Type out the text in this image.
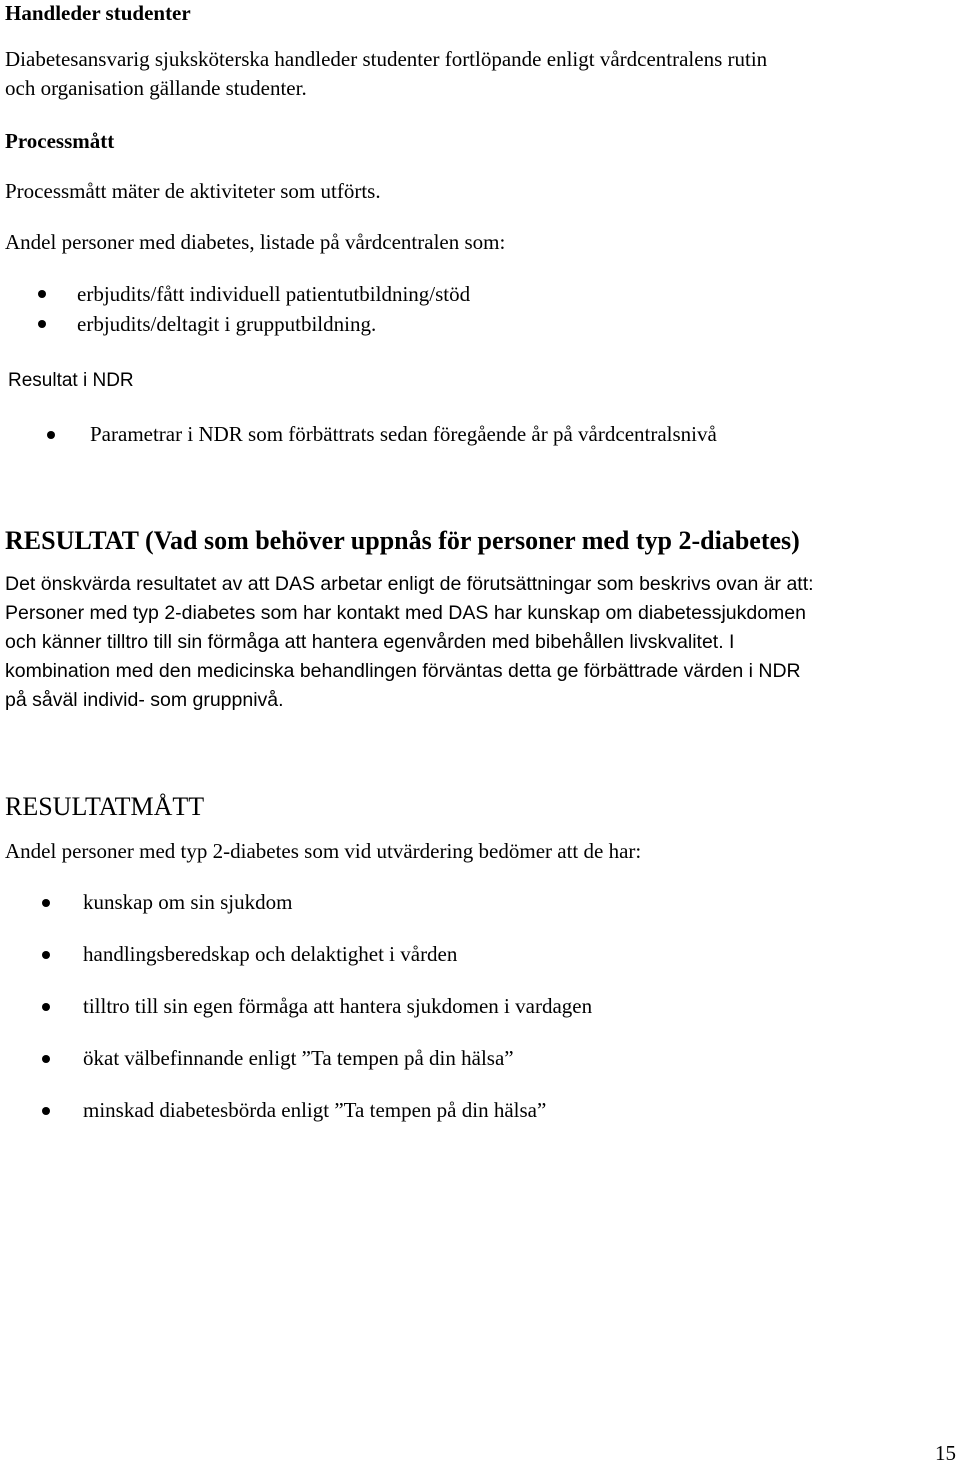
Handleder studenter
Diabetesansvarig sjuksköterska handleder studenter fortlöpande enligt vårdcentralens rutin
och organisation gällande studenter.
Processmått
Processmått mäter de aktiviteter som utförts.
Andel personer med diabetes, listade på vårdcentralen som:
erbjudits/fått individuell patientutbildning/stöd
erbjudits/deltagit i grupputbildning.
Resultat i NDR
Parametrar i NDR som förbättrats sedan föregående år på vårdcentralsnivå
RESULTAT (Vad som behöver uppnås för personer med typ 2-diabetes)
Det önskvärda resultatet av att DAS arbetar enligt de förutsättningar som beskrivs ovan är att:
Personer med typ 2-diabetes som har kontakt med DAS har kunskap om diabetessjukdomen
och känner tilltro till sin förmåga att hantera egenvården med bibehållen livskvalitet. I
kombination med den medicinska behandlingen förväntas detta ge förbättrade värden i NDR
på såväl individ- som gruppnivå.
RESULTATMÅTT
Andel personer med typ 2-diabetes som vid utvärdering bedömer att de har:
kunskap om sin sjukdom
handlingsberedskap och delaktighet i vården
tilltro till sin egen förmåga att hantera sjukdomen i vardagen
ökat välbefinnande enligt ”Ta tempen på din hälsa”
minskad diabetesbörda enligt ”Ta tempen på din hälsa”
15
